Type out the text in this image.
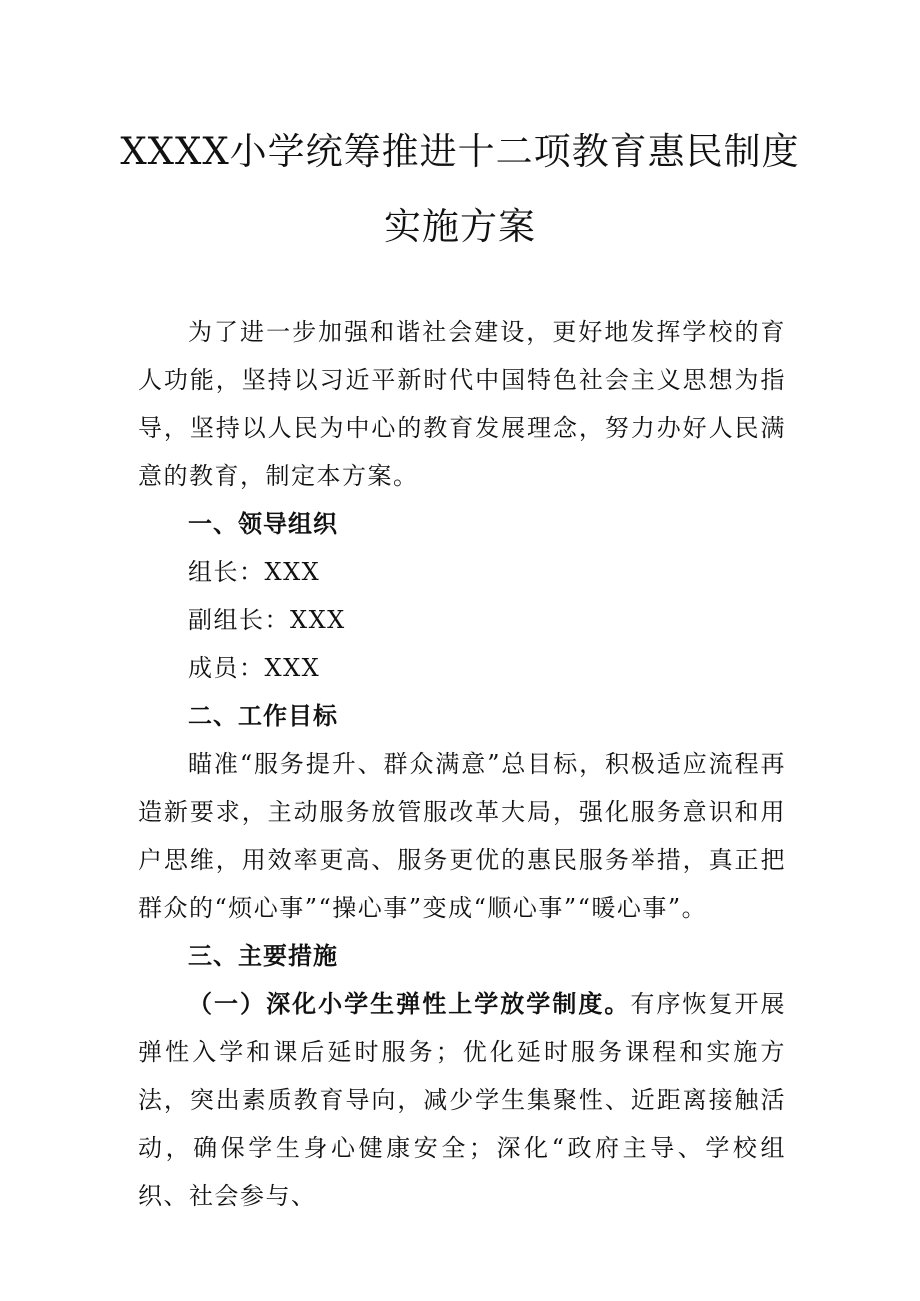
XXXX小学统筹推进十二项教育惠民制度
实施方案
为了进一步加强和谐社会建设，更好地发挥学校的育人功能，坚持以习近平新时代中国特色社会主义思想为指导，坚持以人民为中心的教育发展理念，努力办好人民满意的教育，制定本方案。
一、领导组织
组长：XXX
副组长：XXX
成员：XXX
二、工作目标
瞄准“服务提升、群众满意”总目标，积极适应流程再造新要求，主动服务放管服改革大局，强化服务意识和用户思维，用效率更高、服务更优的惠民服务举措，真正把群众的“烦心事”“操心事”变成“顺心事”“暖心事”。
三、主要措施
（一）深化小学生弹性上学放学制度。有序恢复开展弹性入学和课后延时服务；优化延时服务课程和实施方法，突出素质教育导向，减少学生集聚性、近距离接触活动，确保学生身心健康安全；深化“政府主导、学校组织、社会参与、
